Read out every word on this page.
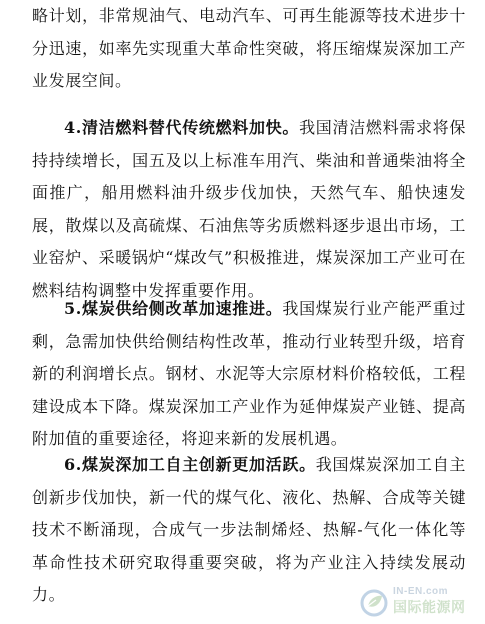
略计划，非常规油气、电动汽车、可再生能源等技术进步十分迅速，如率先实现重大革命性突破，将压缩煤炭深加工产业发展空间。

4.清洁燃料替代传统燃料加快。我国清洁燃料需求将保持持续增长，国五及以上标准车用汽、柴油和普通柴油将全面推广，船用燃料油升级步伐加快，天然气车、船快速发展，散煤以及高硫煤、石油焦等劣质燃料逐步退出市场，工业窑炉、采暖锅炉“煤改气”积极推进，煤炭深加工产业可在燃料结构调整中发挥重要作用。

5.煤炭供给侧改革加速推进。我国煤炭行业产能严重过剩，急需加快供给侧结构性改革，推动行业转型升级，培育新的利润增长点。钢材、水泥等大宗原材料价格较低，工程建设成本下降。煤炭深加工产业作为延伸煤炭产业链、提高附加值的重要途径，将迎来新的发展机遇。

6.煤炭深加工自主创新更加活跃。我国煤炭深加工自主创新步伐加快，新一代的煤气化、液化、热解、合成等关键技术不断涌现，合成气一步法制烯烃、热解-气化一体化等革命性技术研究取得重要突破，将为产业注入持续发展动力。	IN-EN.com
国际能源网
